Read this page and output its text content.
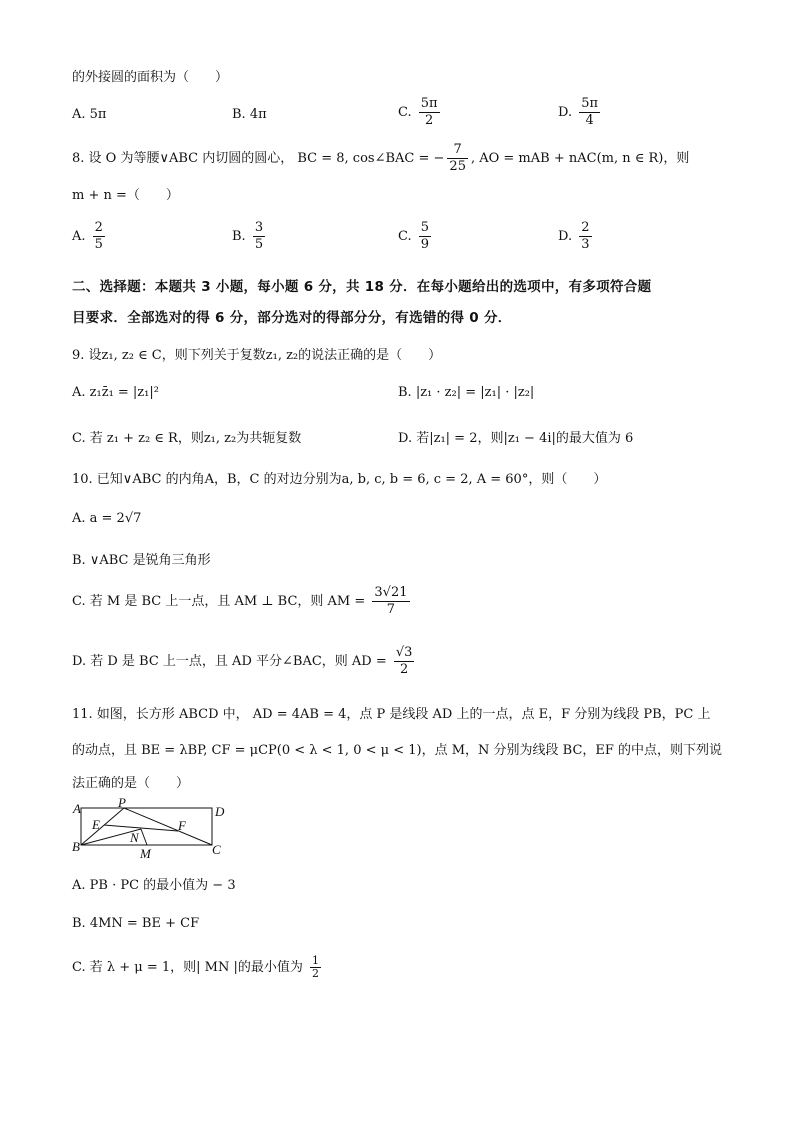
的外接圆的面积为（　　）
A. 5π	B. 4π	C. $\frac{5\pi}{2}$	D. $\frac{5\pi}{4}$
8. 设 O 为等腰∨ABC 内切圆的圆心， BC = 8, cos∠BAC = − $\frac{7}{25}$ , AO = mAB + nAC(m, n ∈ R)，则
m + n =（　　）
A. $\frac{2}{5}$	B. $\frac{3}{5}$	C. $\frac{5}{9}$	D. $\frac{2}{3}$
二、选择题：本题共 3 小题，每小题 6 分，共 18 分．在每小题给出的选项中，有多项符合题
目要求．全部选对的得 6 分，部分选对的得部分分，有选错的得 0 分．
9. 设z₁, z₂ ∈ C，则下列关于复数z₁, z₂的说法正确的是（　　）
A. z₁z̄₁ = |z₁|²	B. |z₁ · z₂| = |z₁| · |z₂|
C. 若 z₁ + z₂ ∈ R，则z₁, z₂为共轭复数	D. 若|z₁| = 2，则|z₁ − 4i|的最大值为 6
10. 已知∨ABC 的内角A，B，C 的对边分别为a, b, c, b = 6, c = 2, A = 60°，则（　　）
A. a = 2√7
B. ∨ABC 是锐角三角形
C. 若 M 是 BC 上一点，且 AM ⊥ BC，则 AM = $\frac{3√21}{7}$
D. 若 D 是 BC 上一点，且 AD 平分∠BAC，则 AD = $\frac{√3}{2}$
11. 如图，长方形 ABCD 中， AD = 4AB = 4，点 P 是线段 AD 上的一点，点 E，F 分别为线段 PB，PC 上
的动点，且 BE = λBP, CF = μCP(0 < λ < 1, 0 < μ < 1)，点 M，N 分别为线段 BC，EF 的中点，则下列说
法正确的是（　　）
A
B	C
D
P
E	F
N
M
A. PB · PC 的最小值为 − 3
B. 4MN = BE + CF
C. 若 λ + μ = 1，则| MN |的最小值为 $\frac{1}{2}$
